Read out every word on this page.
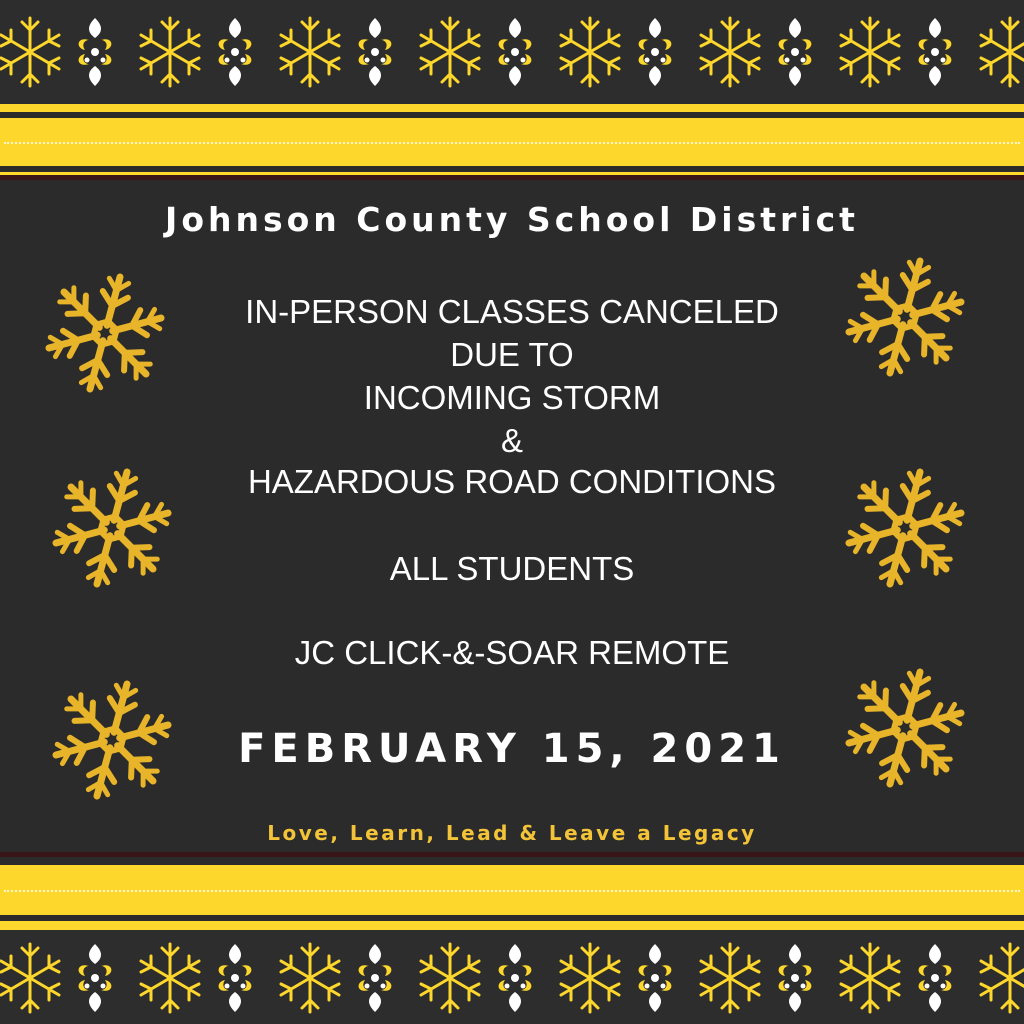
Johnson County School District

IN-PERSON CLASSES CANCELED

DUE TO

INCOMING STORM

&

HAZARDOUS ROAD CONDITIONS

ALL STUDENTS

JC CLICK-&-SOAR REMOTE

FEBRUARY 15, 2021

Love, Learn, Lead & Leave a Legacy
